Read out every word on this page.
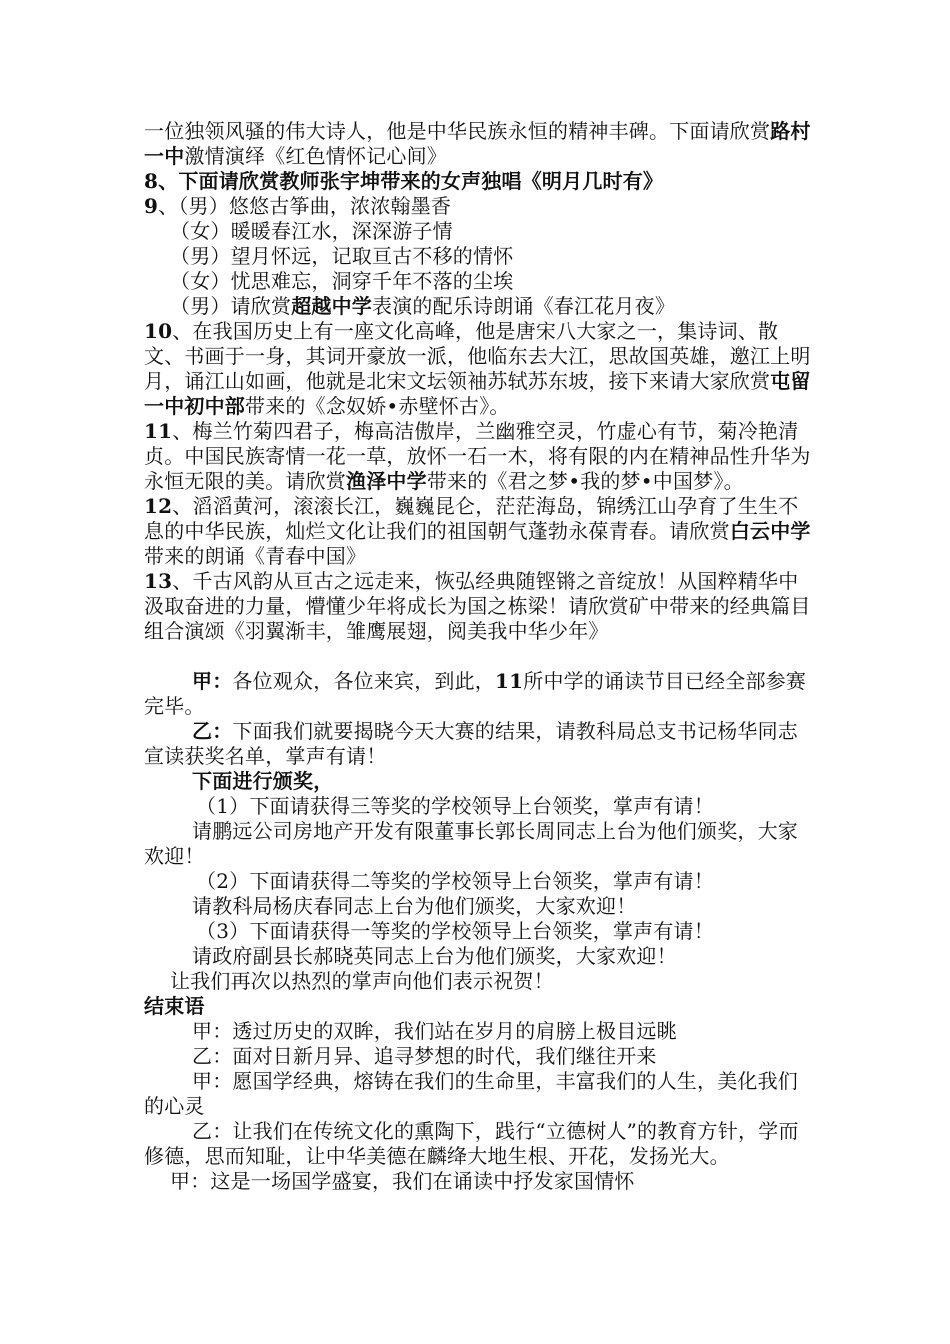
一位独领风骚的伟大诗人，他是中华民族永恒的精神丰碑。下面请欣赏路村一中激情演绎《红色情怀记心间》

8、下面请欣赏教师张宇坤带来的女声独唱《明月几时有》

9、（男）悠悠古筝曲，浓浓翰墨香

（女）暖暖春江水，深深游子情

（男）望月怀远，记取亘古不移的情怀

（女）忧思难忘，洞穿千年不落的尘埃

（男）请欣赏超越中学表演的配乐诗朗诵《春江花月夜》

10、在我国历史上有一座文化高峰，他是唐宋八大家之一，集诗词、散文、书画于一身，其词开豪放一派，他临东去大江，思故国英雄，邀江上明月，诵江山如画，他就是北宋文坛领袖苏轼苏东坡，接下来请大家欣赏屯留一中初中部带来的《念奴娇•赤壁怀古》。

11、梅兰竹菊四君子，梅高洁傲岸，兰幽雅空灵，竹虚心有节，菊冷艳清贞。中国民族寄情一花一草，放怀一石一木，将有限的内在精神品性升华为永恒无限的美。请欣赏渔泽中学带来的《君之梦•我的梦•中国梦》。

12、滔滔黄河，滚滚长江，巍巍昆仑，茫茫海岛，锦绣江山孕育了生生不息的中华民族，灿烂文化让我们的祖国朝气蓬勃永葆青春。请欣赏白云中学带来的朗诵《青春中国》

13、千古风韵从亘古之远走来，恢弘经典随铿锵之音绽放！从国粹精华中汲取奋进的力量，懵懂少年将成长为国之栋梁！请欣赏矿中带来的经典篇目组合演颂《羽翼渐丰，雏鹰展翅，阅美我中华少年》

甲：各位观众，各位来宾，到此，11所中学的诵读节目已经全部参赛完毕。

乙：下面我们就要揭晓今天大赛的结果，请教科局总支书记杨华同志宣读获奖名单，掌声有请！

下面进行颁奖，

（1）下面请获得三等奖的学校领导上台领奖，掌声有请！

请鹏远公司房地产开发有限董事长郭长周同志上台为他们颁奖，大家欢迎！

（2）下面请获得二等奖的学校领导上台领奖，掌声有请！

请教科局杨庆春同志上台为他们颁奖，大家欢迎！

（3）下面请获得一等奖的学校领导上台领奖，掌声有请！

请政府副县长郝晓英同志上台为他们颁奖，大家欢迎！

让我们再次以热烈的掌声向他们表示祝贺！

结束语

甲：透过历史的双眸，我们站在岁月的肩膀上极目远眺

乙：面对日新月异、追寻梦想的时代，我们继往开来

甲：愿国学经典，熔铸在我们的生命里，丰富我们的人生，美化我们的心灵

乙：让我们在传统文化的熏陶下，践行“立德树人”的教育方针，学而修德，思而知耻，让中华美德在麟绛大地生根、开花，发扬光大。

甲：这是一场国学盛宴，我们在诵读中抒发家国情怀
